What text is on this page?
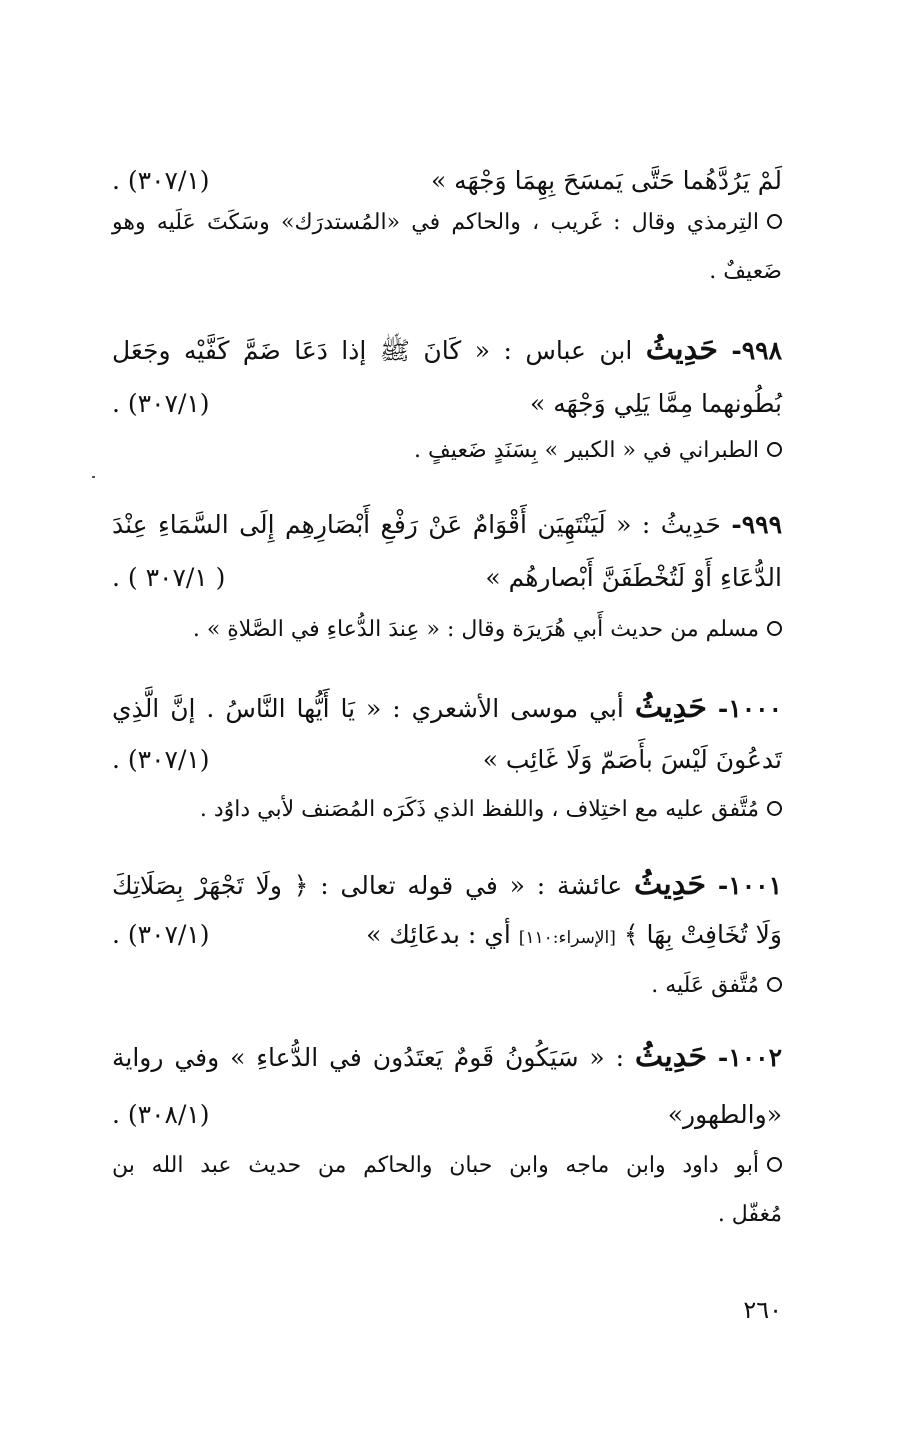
لَمْ يَرُدَّهُما حَتَّى يَمسَحَ بِهِمَا وَجْهَه »
(٣٠٧/١) .
التِرمذي وقال : غَريب ، والحاكم في «المُستدرَك» وسَكَتَ عَلَيه وهو
ضَعيفٌ .
٩٩٨- حَدِيثُ ابن عباس : « كَانَ ﷺ إذا دَعَا ضَمَّ كَفَّيْه وجَعَل
بُطُونهما مِمَّا يَلِي وَجْهَه »
(٣٠٧/١) .
الطبراني في « الكبير » بِسَنَدٍ ضَعيفٍ .
٩٩٩- حَدِيثُ : « لَيَنْتَهِيَن أَقْوَامٌ عَنْ رَفْعِ أَبْصَارِهِم إِلَى السَّمَاءِ عِنْدَ
الدُّعَاءِ أَوْ لَتُخْطَفَنَّ أَبْصارهُم »
( ٣٠٧/١ ) .
مسلم من حديث أَبي هُرَيرَة وقال : « عِندَ الدُّعاءِ في الصَّلاةِ » .
١٠٠٠- حَدِيثُ أبي موسى الأشعري : « يَا أَيُّها النَّاسُ . إنَّ الَّذِي
تَدعُونَ لَيْسَ بأَصَمّ وَلَا غَائِب »
(٣٠٧/١) .
مُتَّفق عليه مع اختِلاف ، واللفظ الذي ذَكَرَه المُصَنف لأبي داوُد .
١٠٠١- حَدِيثُ عائشة : « في قوله تعالى : ﴿ ولَا تَجْهَرْ بِصَلَاتِكَ
وَلَا تُخَافِتْ بِهَا ﴾ [الإسراء:١١٠] أي : بدعَائِك »
(٣٠٧/١) .
مُتَّفق عَلَيه .
١٠٠٢- حَدِيثُ : « سَيَكُونُ قَومٌ يَعتَدُون في الدُّعاءِ » وفي رواية
«والطهور»
(٣٠٨/١) .
أبو داود وابن ماجه وابن حبان والحاكم من حديث عبد الله بن
مُغفّل .
٢٦٠
